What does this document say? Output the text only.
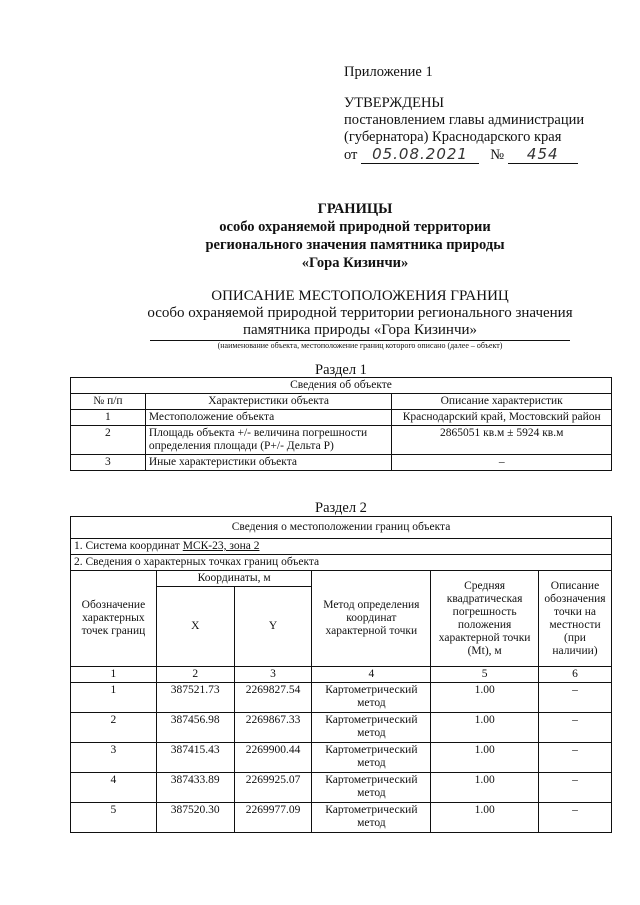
Приложение 1
УТВЕРЖДЕНЫ
постановлением главы администрации
(губернатора) Краснодарского края
от 05.08.2021 № 454
ГРАНИЦЫ
особо охраняемой природной территории
регионального значения памятника природы
«Гора Кизинчи»
ОПИСАНИЕ МЕСТОПОЛОЖЕНИЯ ГРАНИЦ
особо охраняемой природной территории регионального значения
памятника природы «Гора Кизинчи»
(наименование объекта, местоположение границ которого описано (далее – объект)
Раздел 1
Сведения об объекте		
№ п/п	Характеристики объекта	Описание характеристик
1	Местоположение объекта	Краснодарский край, Мостовский район
2	Площадь объекта +/- величина погрешности определения площади (P+/- Дельта P)	2865051 кв.м ± 5924 кв.м
3	Иные характеристики объекта	–
Раздел 2
Сведения о местоположении границ объекта					
1. Система координат МСК-23, зона 2					
2. Сведения о характерных точках границ объекта					
Обозначение характерных точек границ	Координаты, м		Метод определения координат характерной точки	Средняя квадратическая погрешность положения характерной точки (Mt), м	Описание обозначения точки на местности (при наличии)
	X	Y			
1	2	3	4	5	6
1	387521.73	2269827.54	Картометрический метод	1.00	–
2	387456.98	2269867.33	Картометрический метод	1.00	–
3	387415.43	2269900.44	Картометрический метод	1.00	–
4	387433.89	2269925.07	Картометрический метод	1.00	–
5	387520.30	2269977.09	Картометрический метод	1.00	–
